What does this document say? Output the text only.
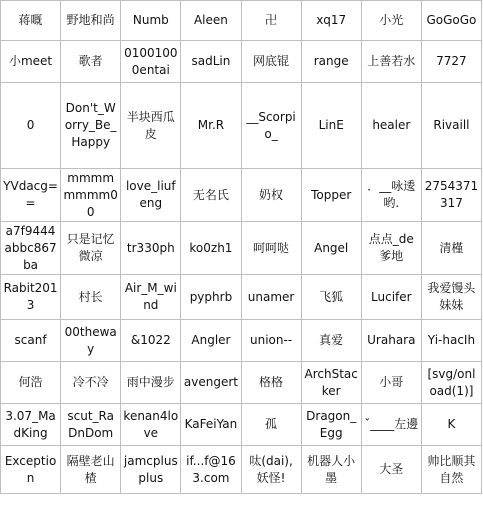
蒋嘅	野地和尚	Numb	Aleen	卍	xq17	小光	GoGoGo
小meet	歌者	01001000entai	sadLin	网底锟	range	上善若水	7727
0	Don't_Worry_Be_Happy	半块西瓜皮	Mr.R	__Scorpio_	LinE	healer	Rivaill
YVdacg==	mmmmmmmm00	love_liufeng	无名氏	奶权	Topper	．__咏逶哟.	2754371317
a7f9444abbc867ba	只是记忆微凉	tr330ph	ko0zh1	呵呵哒	Angel	点点_de 爹地	清槿
Rabit2013	村长	Air_M_wind	pyphrb	unamer	飞狐	Lucifer	我爱馒头妹妹
scanf	00theway	&1022	Angler	union--	真爱	Urahara	Yi-hacIh
何浩	冷不冷	雨中漫步	avengert	格格	ArchStacker	小哥	[svg/onload(1)]
3.07_MadKing	scut_RaDnDom	kenan4love	KaFeiYan	孤	Dragon_Egg	ˇ____左邊	K
Exception	隔壁老山楂	jamcplusplus	if...f@163.com	呔(dai),妖怪!	机器人小墨	大圣	帅比顺其自然
